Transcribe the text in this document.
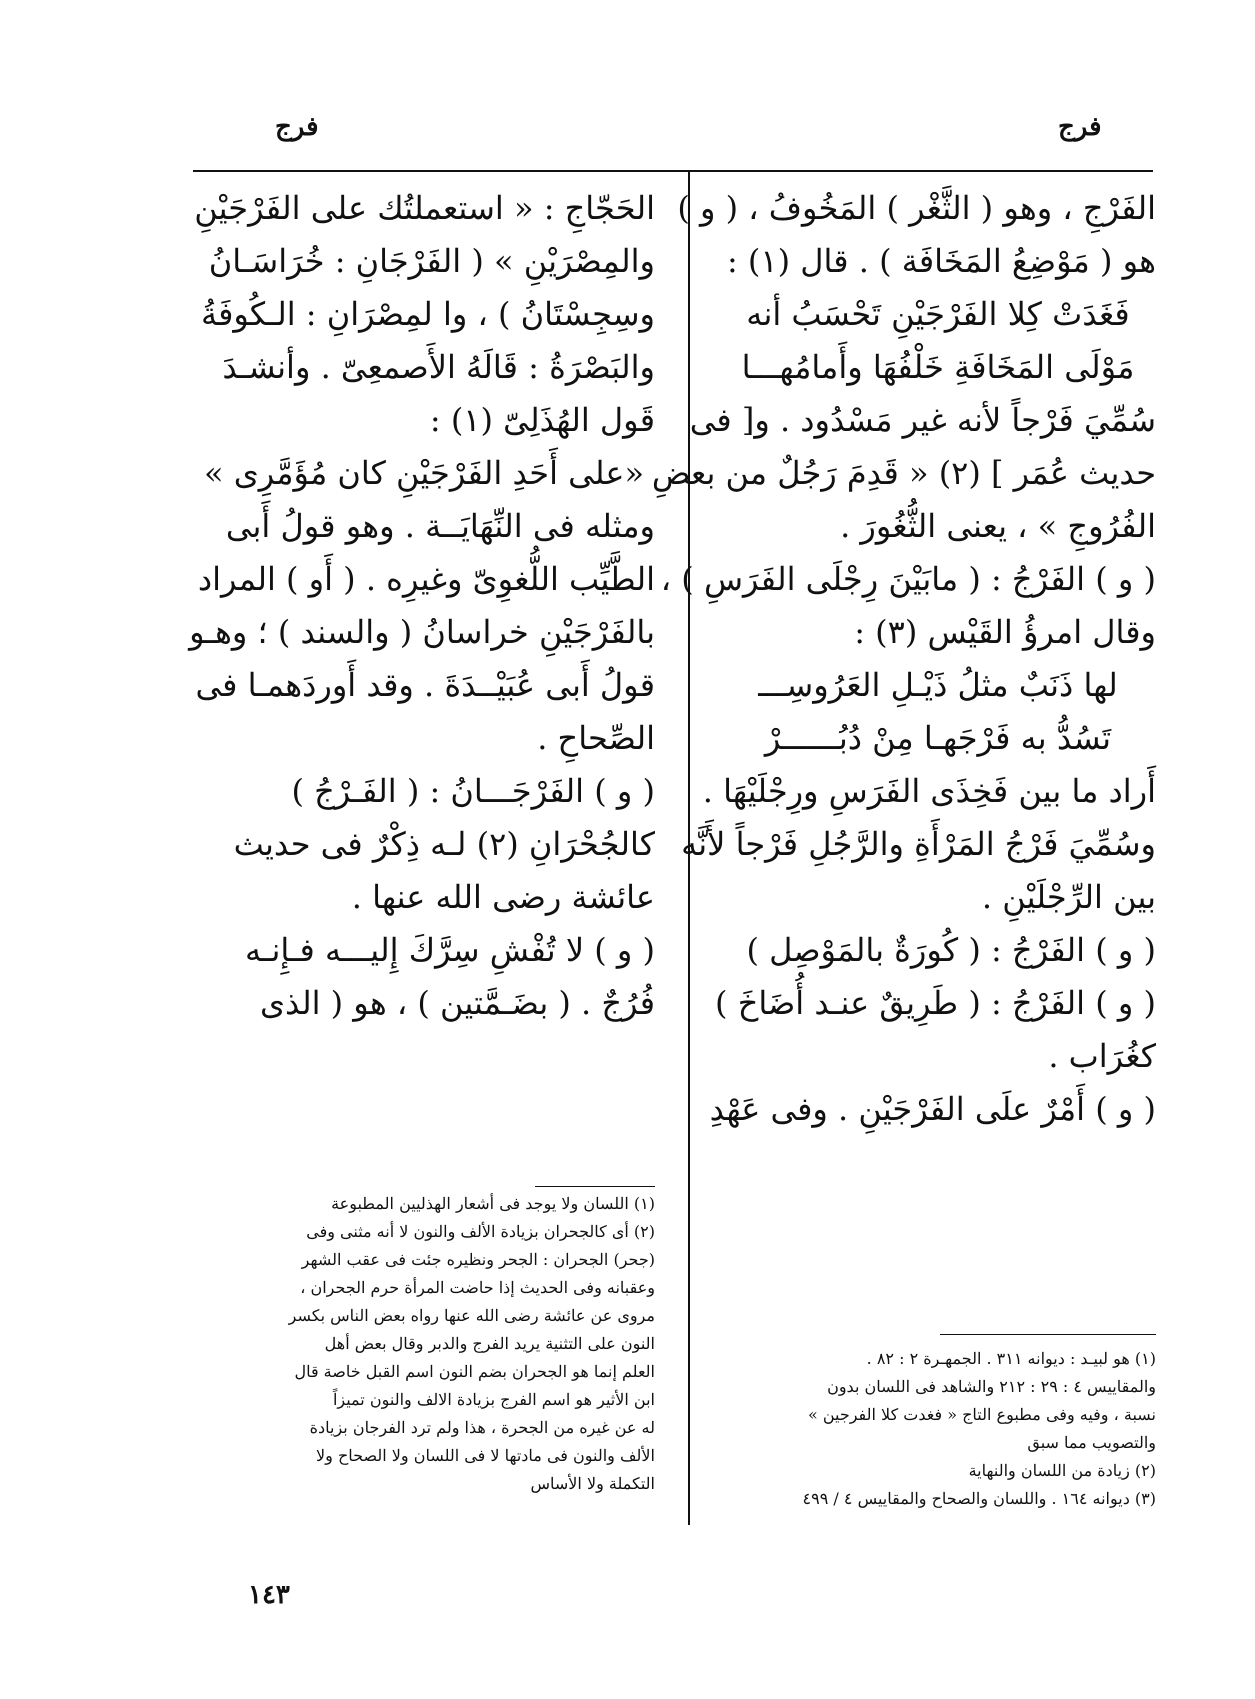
فرج
فرج
الفَرْجِ ، وهو ( الثَّغْر ) المَخُوفُ ، ( و )
هو ( مَوْضِعُ المَخَافَة ) . قال (١) :
فَغَدَتْ كِلا الفَرْجَيْنِ تَحْسَبُ أنه
مَوْلَى المَخَافَةِ خَلْفُهَا وأَمامُهـــا
سُمِّيَ فَرْجاً لأنه غير مَسْدُود . و[ فى
حديث عُمَر ] (٢) « قَدِمَ رَجُلٌ من بعضِ
الفُرُوجِ » ، يعنى الثُّغُورَ .
( و ) الفَرْجُ : ( مابَيْنَ رِجْلَى الفَرَسِ ) ،
وقال امرؤُ القَيْس (٣) :
لها ذَنَبٌ مثلُ ذَيْـلِ العَرُوسِـــ
تَسُدُّ به فَرْجَهـا مِنْ دُبُــــــرْ
أَراد ما بين فَخِذَى الفَرَسِ ورِجْلَيْهَا .
وسُمِّيَ فَرْجُ المَرْأَةِ والرَّجُلِ فَرْجاً لأَنَّه
بين الرِّجْلَيْنِ .
( و ) الفَرْجُ : ( كُورَةٌ بالمَوْصِل )
( و ) الفَرْجُ : ( طَرِيقٌ عنـد أُضَاخَ )
كغُرَاب .
( و ) أَمْرٌ علَى الفَرْجَيْنِ . وفى عَهْدِ
الحَجّاجِ : « استعملتُك على الفَرْجَيْنِ
والمِصْرَيْنِ » ( الفَرْجَانِ : خُرَاسَـانُ
وسِجِسْتَانُ ) ، وا لمِصْرَانِ : الـكُوفَةُ
والبَصْرَةُ : قَالَهُ الأَصمعِىّ . وأنشـدَ
قَول الهُذَلِىّ (١) :
«على أَحَدِ الفَرْجَيْنِ كان مُؤَمَّرِى »
ومثله فى النِّهَايَــة . وهو قولُ أَبى
الطَّيِّب اللُّغوِىّ وغيرِه . ( أَو ) المراد
بالفَرْجَيْنِ خراسانُ ( والسند ) ؛ وهـو
قولُ أَبى عُبَيْــدَةَ . وقد أَوردَهمـا فى
الصِّحاحِ .
( و ) الفَرْجَـــانُ : ( الفَـرْجُ )
كالجُحْرَانِ (٢) لـه ذِكْرٌ فى حديث
عائشة رضى الله عنها .
( و ) لا تُفْشِ سِرَّكَ إِليـــه فـإِنـه
فُرُجٌ . ( بضَـمَّتين ) ، هو ( الذى
(١) هو لبيـد : ديوانه ٣١١ . الجمهـرة ٢ : ٨٢ .
والمقاييس ٤ : ٢٩ : ٢١٢ والشاهد فى اللسان بدون
نسبة ، وفيه وفى مطبوع التاج « فغدت كلا الفرجين »
والتصويب مما سبق
(٢) زيادة من اللسان والنهاية
(٣) ديوانه ١٦٤ . واللسان والصحاح والمقاييس ٤ / ٤٩٩
(١) اللسان ولا يوجد فى أشعار الهذليين المطبوعة
(٢) أى كالجحران بزيادة الألف والنون لا أنه مثنى وفى
(جحر) الجحران : الجحر ونظيره جئت فى عقب الشهر
وعقبانه وفى الحديث إذا حاضت المرأة حرم الجحران ،
مروى عن عائشة رضى الله عنها رواه بعض الناس بكسر
النون على التثنية يريد الفرج والدبر وقال بعض أهل
العلم إنما هو الجحران بضم النون اسم القبل خاصة قال
ابن الأثير هو اسم الفرج بزيادة الالف والنون تميزاً
له عن غيره من الجحرة ، هذا ولم ترد الفرجان بزيادة
الألف والنون فى مادتها لا فى اللسان ولا الصحاح ولا
التكملة ولا الأساس
١٤٣
